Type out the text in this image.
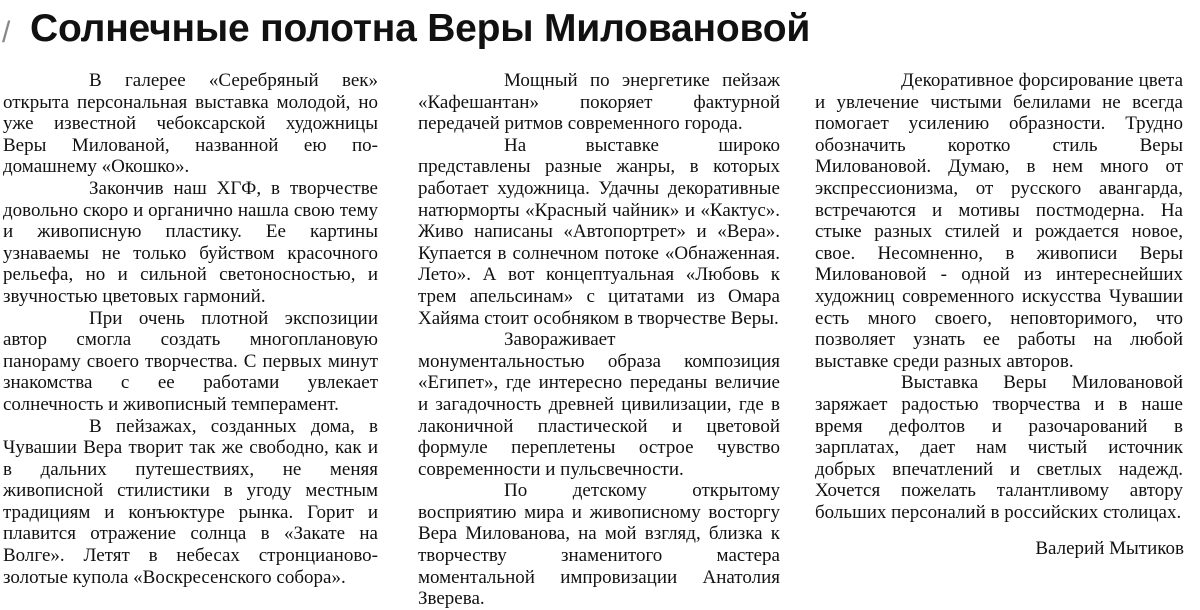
/ Солнечные полотна Веры Миловановой

В галерее «Серебряный век» открыта персональная выставка молодой, но уже известной чебоксарской художницы Веры Милованой, названной ею по-домашнему «Окошко».

Закончив наш ХГФ, в творчестве довольно скоро и органично нашла свою тему и живописную пластику. Ее картины узнаваемы не только буйством красочного рельефа, но и сильной светоносностью, и звучностью цветовых гармоний.

При очень плотной экспозиции автор смогла создать многоплановую панораму своего творчества. С первых минут знакомства с ее работами увлекает солнечность и живописный темперамент.

В пейзажах, созданных дома, в Чувашии Вера творит так же свободно, как и в дальних путешествиях, не меняя живописной стилистики в угоду местным традициям и конъюктуре рынка. Горит и плавится отражение солнца в «Закате на Волге». Летят в небесах стронцианово-золотые купола «Воскресенского собора».

Мощный по энергетике пейзаж «Кафешантан» покоряет фактурной передачей ритмов современного города.

На выставке широко представлены разные жанры, в которых работает художница. Удачны декоративные натюрморты «Красный чайник» и «Кактус». Живо написаны «Автопортрет» и «Вера». Купается в солнечном потоке «Обнаженная. Лето». А вот концептуальная «Любовь к трем апельсинам» с цитатами из Омара Хайяма стоит особняком в творчестве Веры.

Завораживает монументальностью образа композиция «Египет», где интересно переданы величие и загадочность древней цивилизации, где в лаконичной пластической и цветовой формуле переплетены острое чувство современности и пульсвечности.

По детскому открытому восприятию мира и живописному восторгу Вера Милованова, на мой взгляд, близка к творчеству знаменитого мастера моментальной импровизации Анатолия Зверева.

Декоративное форсирование цвета и увлечение чистыми белилами не всегда помогает усилению образности. Трудно обозначить коротко стиль Веры Миловановой. Думаю, в нем много от экспрессионизма, от русского авангарда, встречаются и мотивы постмодерна. На стыке разных стилей и рождается новое, свое. Несомненно, в живописи Веры Миловановой - одной из интереснейших художниц современного искусства Чувашии есть много своего, неповторимого, что позволяет узнать ее работы на любой выставке среди разных авторов.

Выставка Веры Миловановой заряжает радостью творчества и в наше время дефолтов и разочарований в зарплатах, дает нам чистый источник добрых впечатлений и светлых надежд. Хочется пожелать талантливому автору больших персоналий в российских столицах.

Валерий Мытиков
